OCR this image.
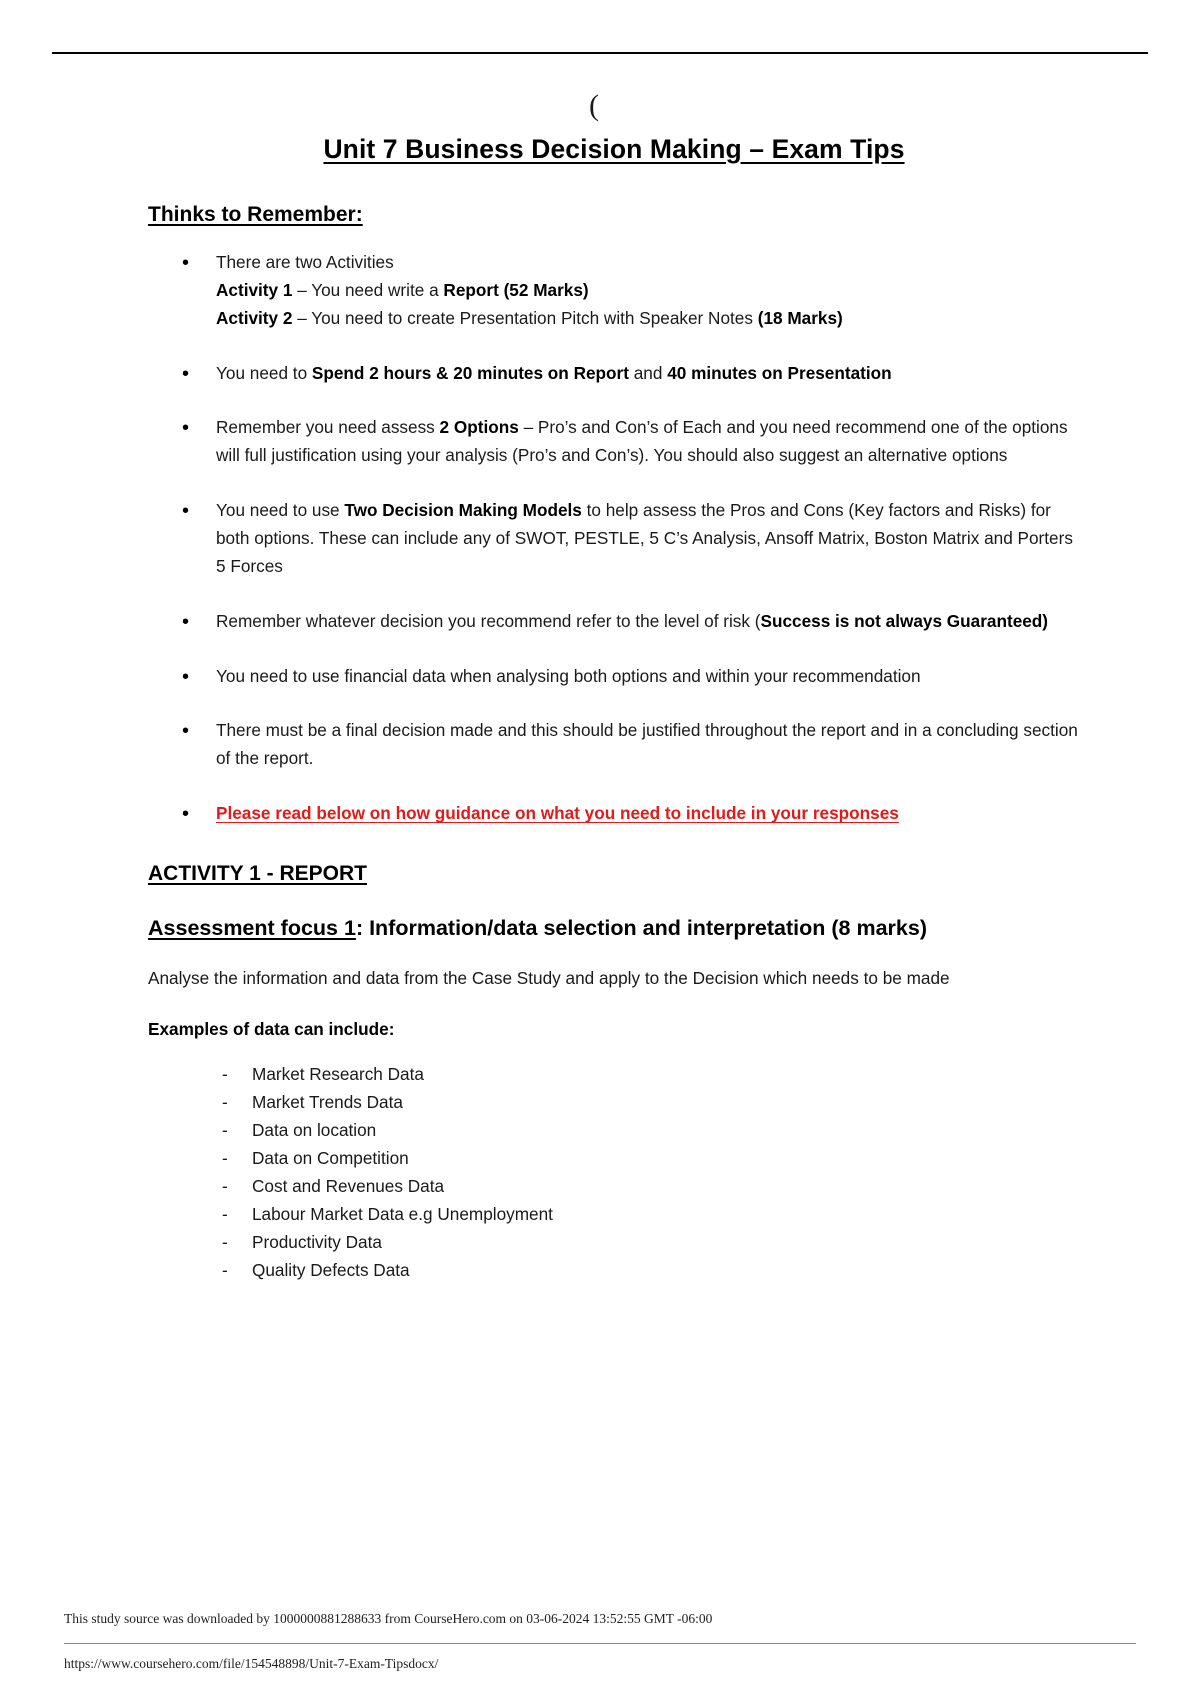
(
Unit 7 Business Decision Making – Exam Tips
Thinks to Remember:
• There are two Activities
Activity 1 – You need write a Report (52 Marks)
Activity 2 – You need to create Presentation Pitch with Speaker Notes (18 Marks)
• You need to Spend 2 hours & 20 minutes on Report and 40 minutes on Presentation
• Remember you need assess 2 Options – Pro’s and Con’s of Each and you need recommend one of the options will full justification using your analysis (Pro’s and Con’s). You should also suggest an alternative options
• You need to use Two Decision Making Models to help assess the Pros and Cons (Key factors and Risks) for both options. These can include any of SWOT, PESTLE, 5 C’s Analysis, Ansoff Matrix, Boston Matrix and Porters 5 Forces
• Remember whatever decision you recommend refer to the level of risk (Success is not always Guaranteed)
• You need to use financial data when analysing both options and within your recommendation
• There must be a final decision made and this should be justified throughout the report and in a concluding section of the report.
• Please read below on how guidance on what you need to include in your responses
ACTIVITY 1 - REPORT
Assessment focus 1: Information/data selection and interpretation (8 marks)

Analyse the information and data from the Case Study and apply to the Decision which needs to be made

Examples of data can include:

- Market Research Data
- Market Trends Data
- Data on location
- Data on Competition
- Cost and Revenues Data
- Labour Market Data e.g Unemployment
- Productivity Data
- Quality Defects Data
This study source was downloaded by 1000000881288633 from CourseHero.com on 03-06-2024 13:52:55 GMT -06:00
https://www.coursehero.com/file/154548898/Unit-7-Exam-Tipsdocx/
